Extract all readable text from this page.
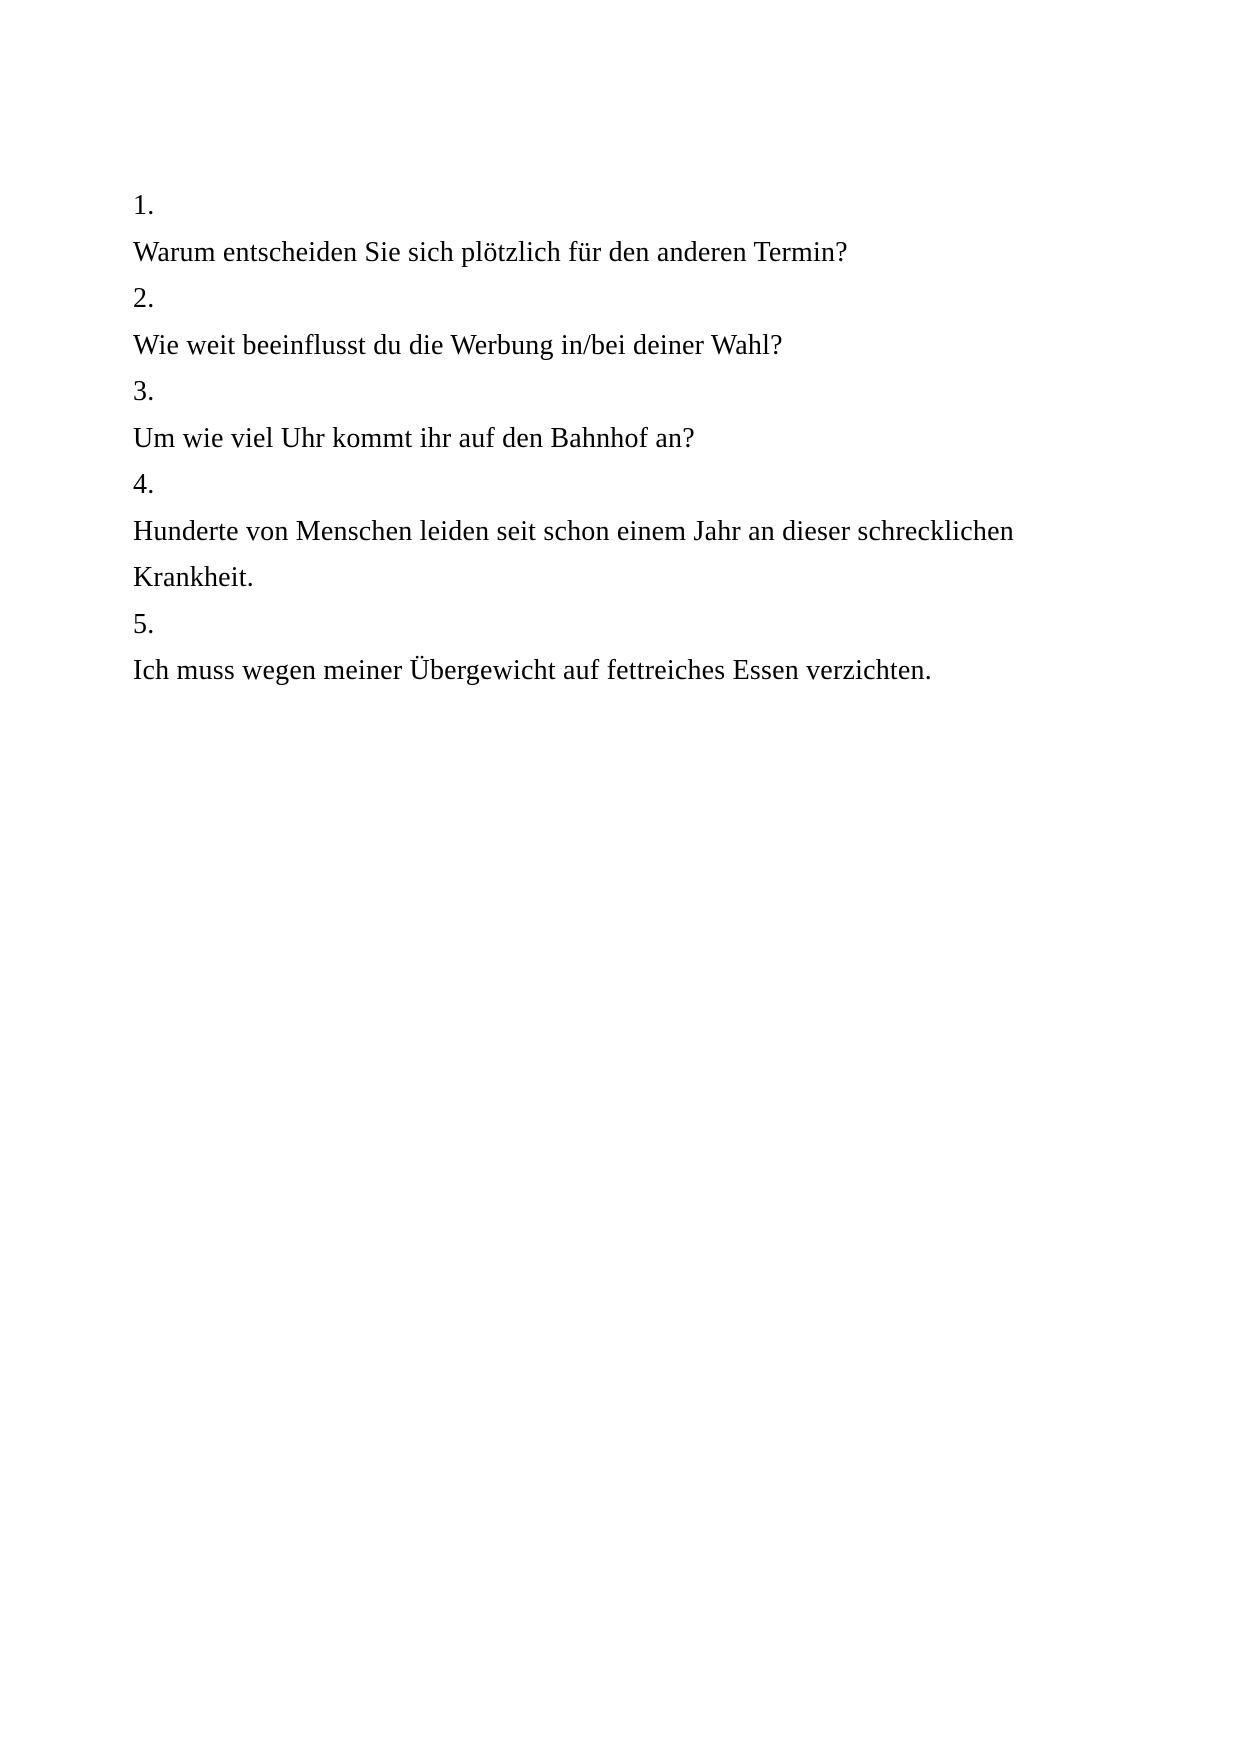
1.

Warum entscheiden Sie sich plötzlich für den anderen Termin?

2.

Wie weit beeinflusst du die Werbung in/bei deiner Wahl?

3.

Um wie viel Uhr kommt ihr auf den Bahnhof an?

4.

Hunderte von Menschen leiden seit schon einem Jahr an dieser schrecklichen

Krankheit.

5.

Ich muss wegen meiner Übergewicht auf fettreiches Essen verzichten.
